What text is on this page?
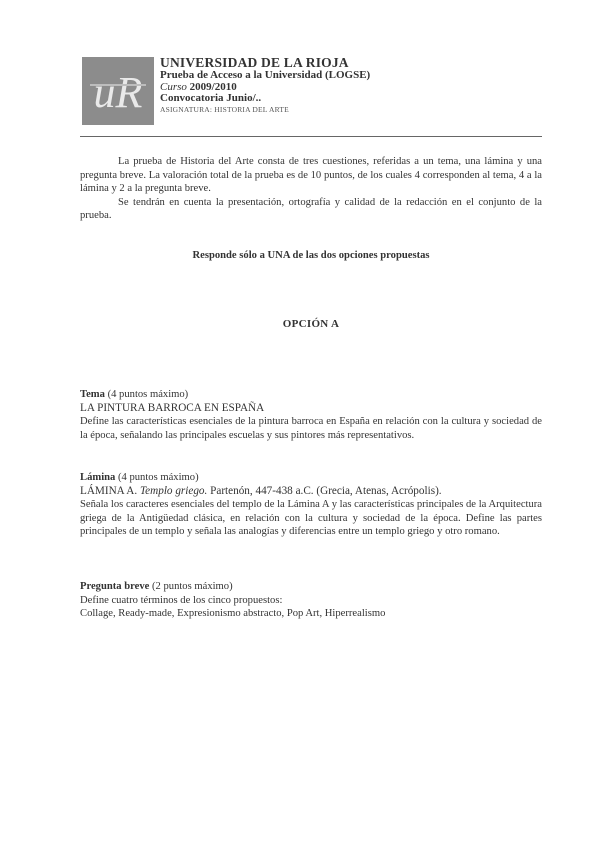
uR
UNIVERSIDAD DE LA RIOJA
Prueba de Acceso a la Universidad (LOGSE)
Curso 2009/2010
Convocatoria Junio/..
ASIGNATURA: HISTORIA DEL ARTE

La prueba de Historia del Arte consta de tres cuestiones, referidas a un tema, una lámina y una pregunta breve. La valoración total de la prueba es de 10 puntos, de los cuales 4 corresponden al tema, 4 a la lámina y 2 a la pregunta breve.

Se tendrán en cuenta la presentación, ortografía y calidad de la redacción en el conjunto de la prueba.

Responde sólo a UNA de las dos opciones propuestas
OPCIÓN A
Tema (4 puntos máximo)
LA PINTURA BARROCA EN ESPAÑA
Define las características esenciales de la pintura barroca en España en relación con la cultura y sociedad de la época, señalando las principales escuelas y sus pintores más representativos.
Lámina (4 puntos máximo)
LÁMINA A. Templo griego. Partenón, 447-438 a.C. (Grecia, Atenas, Acrópolis).
Señala los caracteres esenciales del templo de la Lámina A y las características principales de la Arquitectura griega de la Antigüedad clásica, en relación con la cultura y sociedad de la época. Define las partes principales de un templo y señala las analogías y diferencias entre un templo griego y otro romano.
Pregunta breve (2 puntos máximo)
Define cuatro términos de los cinco propuestos:
Collage, Ready-made, Expresionismo abstracto, Pop Art, Hiperrealismo
